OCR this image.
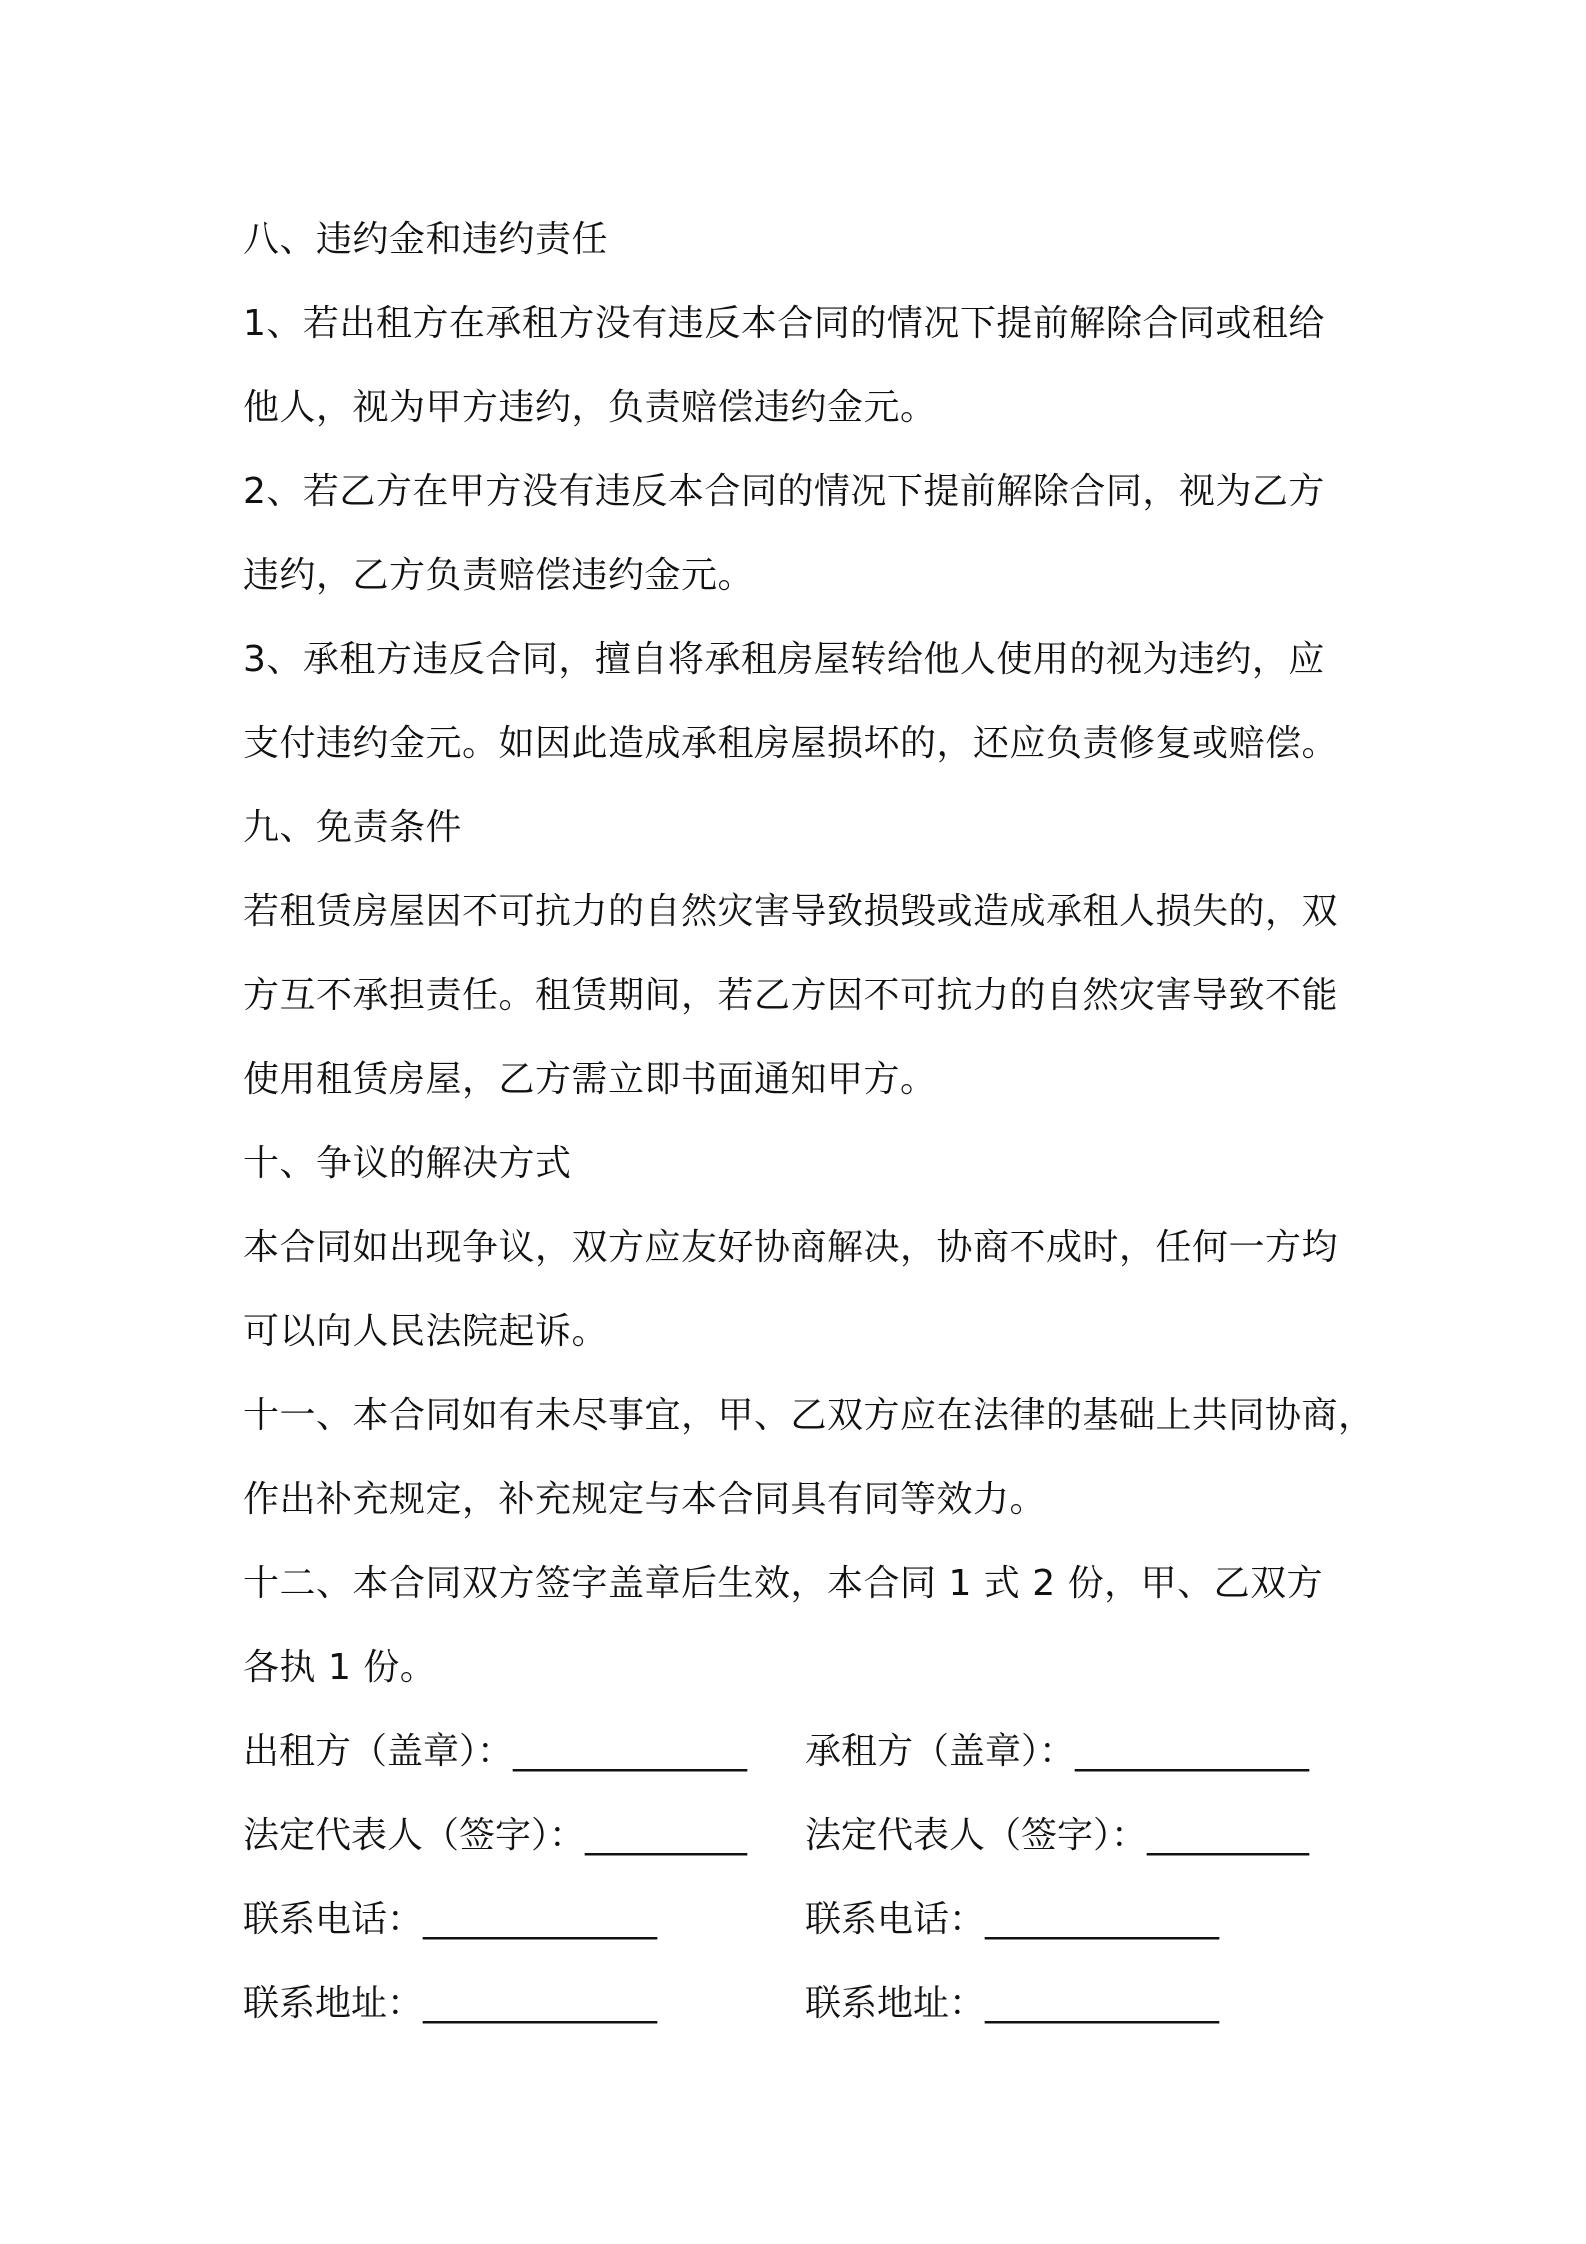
八、违约金和违约责任
1、若出租方在承租方没有违反本合同的情况下提前解除合同或租给
他人，视为甲方违约，负责赔偿违约金元。
2、若乙方在甲方没有违反本合同的情况下提前解除合同，视为乙方
违约，乙方负责赔偿违约金元。
3、承租方违反合同，擅自将承租房屋转给他人使用的视为违约，应
支付违约金元。如因此造成承租房屋损坏的，还应负责修复或赔偿。
九、免责条件
若租赁房屋因不可抗力的自然灾害导致损毁或造成承租人损失的，双
方互不承担责任。租赁期间，若乙方因不可抗力的自然灾害导致不能
使用租赁房屋，乙方需立即书面通知甲方。
十、争议的解决方式
本合同如出现争议，双方应友好协商解决，协商不成时，任何一方均
可以向人民法院起诉。
十一、本合同如有未尽事宜，甲、乙双方应在法律的基础上共同协商，
作出补充规定，补充规定与本合同具有同等效力。
十二、本合同双方签字盖章后生效，本合同 1 式 2 份，甲、乙双方
各执 1 份。
出租方（盖章）：_____________ 承租方（盖章）：_____________
法定代表人（签字）：_________ 法定代表人（签字）：_________
联系电话：_____________	联系电话：_____________
联系地址：_____________	联系地址：_____________
